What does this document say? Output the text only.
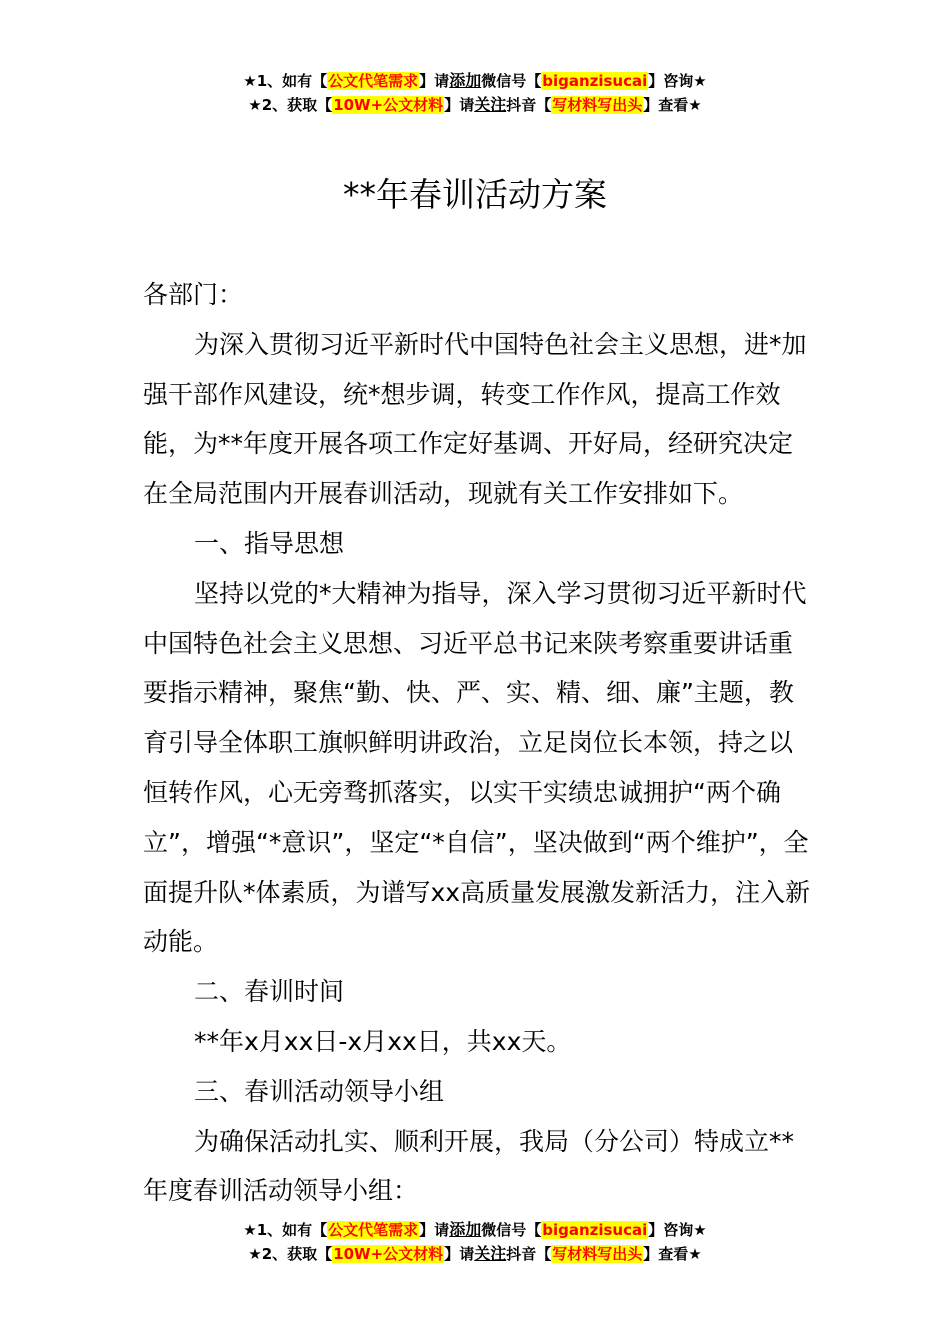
★1、如有【公文代笔需求】请添加微信号【biganzisucai】咨询★
★2、获取【10W+公文材料】请关注抖音【写材料写出头】查看★
**年春训活动方案

各部门：

为深入贯彻习近平新时代中国特色社会主义思想，进*加强干部作风建设，统*想步调，转变工作作风，提高工作效能，为**年度开展各项工作定好基调、开好局，经研究决定在全局范围内开展春训活动，现就有关工作安排如下。

一、指导思想

坚持以党的*大精神为指导，深入学习贯彻习近平新时代中国特色社会主义思想、习近平总书记来陕考察重要讲话重要指示精神，聚焦“勤、快、严、实、精、细、廉”主题，教育引导全体职工旗帜鲜明讲政治，立足岗位长本领，持之以恒转作风，心无旁骛抓落实，以实干实绩忠诚拥护“两个确立”，增强“*意识”，坚定“*自信”，坚决做到“两个维护”，全面提升队*体素质，为谱写xx高质量发展激发新活力，注入新动能。

二、春训时间

**年x月xx日-x月xx日，共xx天。

三、春训活动领导小组

为确保活动扎实、顺利开展，我局（分公司）特成立**年度春训活动领导小组：

★1、如有【公文代笔需求】请添加微信号【biganzisucai】咨询★
★2、获取【10W+公文材料】请关注抖音【写材料写出头】查看★
